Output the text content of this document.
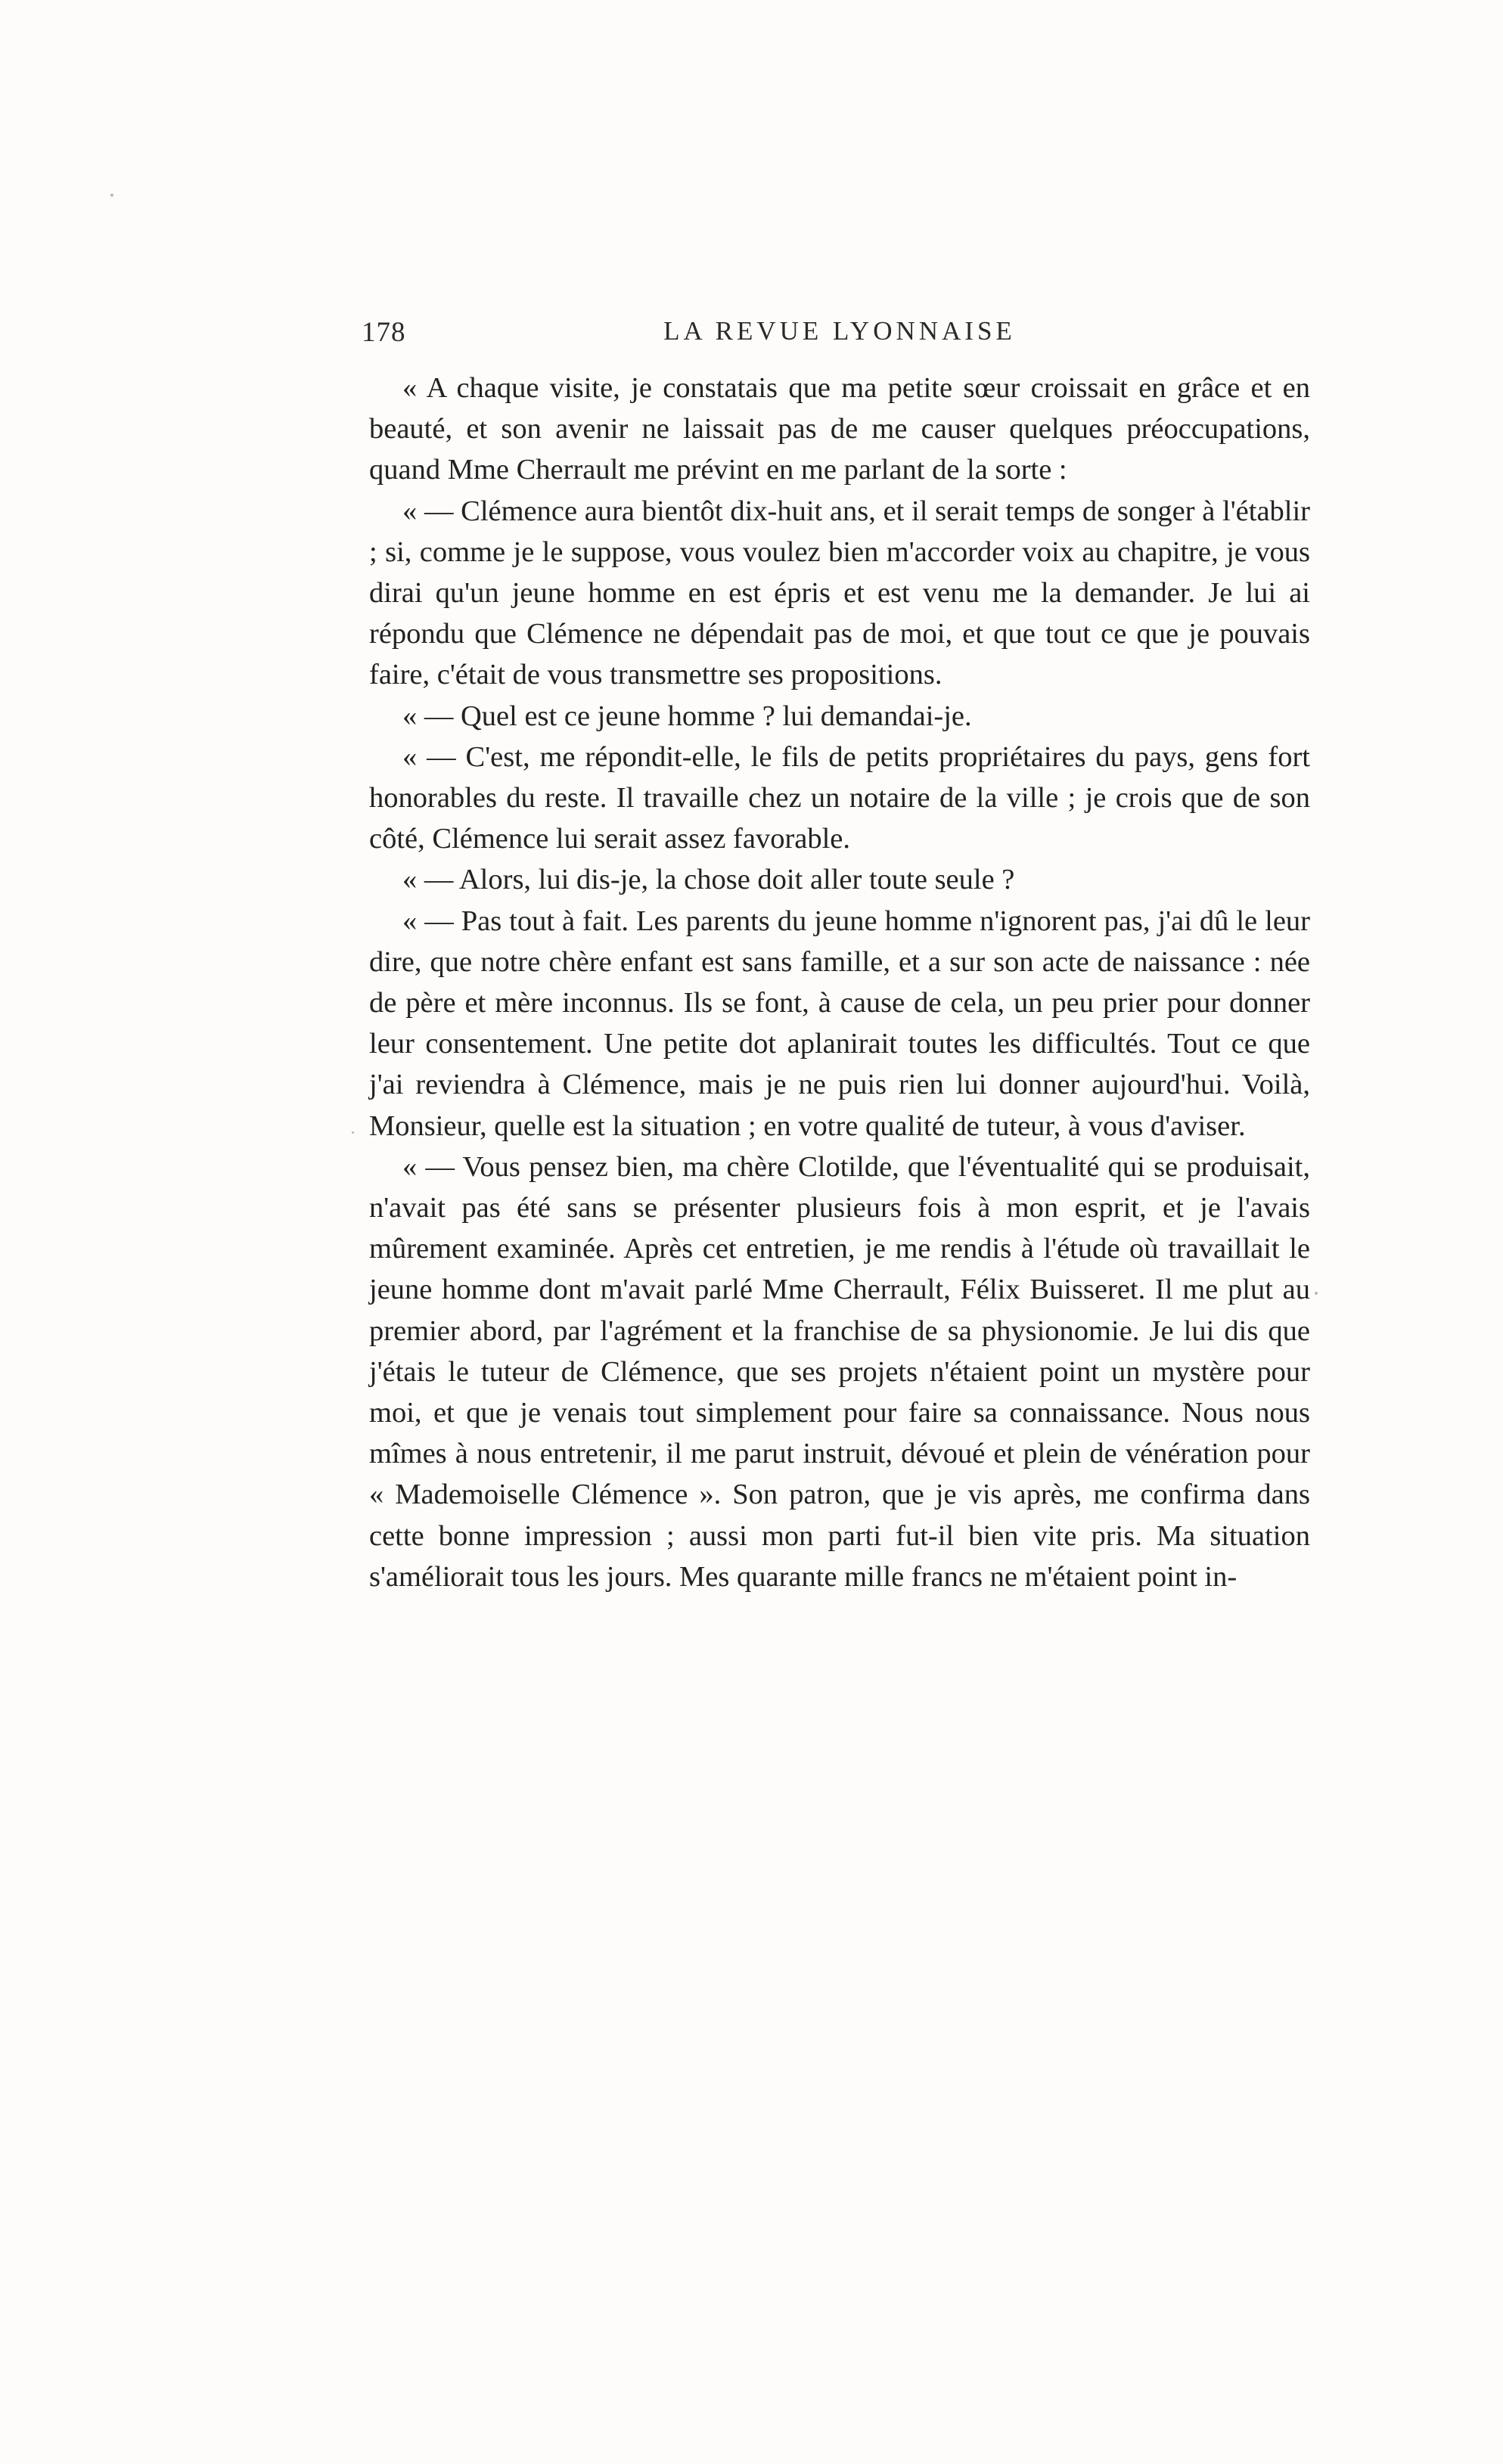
178	LA REVUE LYONNAISE

« A chaque visite, je constatais que ma petite sœur croissait en grâce et en beauté, et son avenir ne laissait pas de me causer quelques préoccupations, quand Mme Cherrault me prévint en me parlant de la sorte :

« — Clémence aura bientôt dix-huit ans, et il serait temps de songer à l'établir ; si, comme je le suppose, vous voulez bien m'accorder voix au chapitre, je vous dirai qu'un jeune homme en est épris et est venu me la demander. Je lui ai répondu que Clémence ne dépendait pas de moi, et que tout ce que je pouvais faire, c'était de vous transmettre ses propositions.

« — Quel est ce jeune homme ? lui demandai-je.

« — C'est, me répondit-elle, le fils de petits propriétaires du pays, gens fort honorables du reste. Il travaille chez un notaire de la ville ; je crois que de son côté, Clémence lui serait assez favorable.

« — Alors, lui dis-je, la chose doit aller toute seule ?

« — Pas tout à fait. Les parents du jeune homme n'ignorent pas, j'ai dû le leur dire, que notre chère enfant est sans famille, et a sur son acte de naissance : née de père et mère inconnus. Ils se font, à cause de cela, un peu prier pour donner leur consentement. Une petite dot aplanirait toutes les difficultés. Tout ce que j'ai reviendra à Clémence, mais je ne puis rien lui donner aujourd'hui. Voilà, Monsieur, quelle est la situation ; en votre qualité de tuteur, à vous d'aviser.

« — Vous pensez bien, ma chère Clotilde, que l'éventualité qui se produisait, n'avait pas été sans se présenter plusieurs fois à mon esprit, et je l'avais mûrement examinée. Après cet entretien, je me rendis à l'étude où travaillait le jeune homme dont m'avait parlé Mme Cherrault, Félix Buisseret. Il me plut au premier abord, par l'agrément et la franchise de sa physionomie. Je lui dis que j'étais le tuteur de Clémence, que ses projets n'étaient point un mystère pour moi, et que je venais tout simplement pour faire sa connaissance. Nous nous mîmes à nous entretenir, il me parut instruit, dévoué et plein de vénération pour « Mademoiselle Clémence ». Son patron, que je vis après, me confirma dans cette bonne impression ; aussi mon parti fut-il bien vite pris. Ma situation s'améliorait tous les jours. Mes quarante mille francs ne m'étaient point in-
